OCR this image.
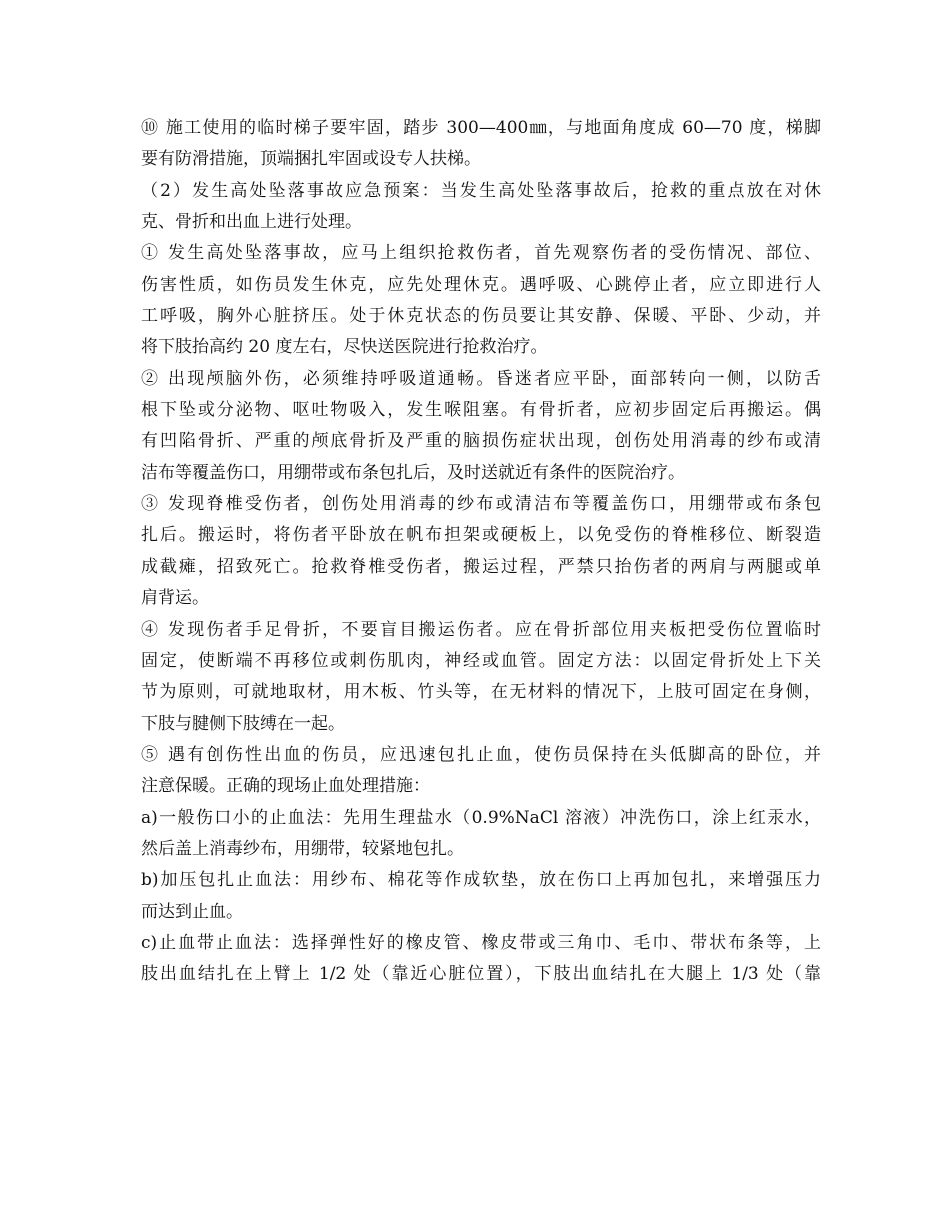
⑩ 施工使用的临时梯子要牢固，踏步 300—400㎜，与地面角度成 60—70 度，梯脚
要有防滑措施，顶端捆扎牢固或设专人扶梯。
（2）发生高处坠落事故应急预案：当发生高处坠落事故后，抢救的重点放在对休
克、骨折和出血上进行处理。
① 发生高处坠落事故，应马上组织抢救伤者，首先观察伤者的受伤情况、部位、
伤害性质，如伤员发生休克，应先处理休克。遇呼吸、心跳停止者，应立即进行人
工呼吸，胸外心脏挤压。处于休克状态的伤员要让其安静、保暖、平卧、少动，并
将下肢抬高约 20 度左右，尽快送医院进行抢救治疗。
② 出现颅脑外伤，必须维持呼吸道通畅。昏迷者应平卧，面部转向一侧，以防舌
根下坠或分泌物、呕吐物吸入，发生喉阻塞。有骨折者，应初步固定后再搬运。偶
有凹陷骨折、严重的颅底骨折及严重的脑损伤症状出现，创伤处用消毒的纱布或清
洁布等覆盖伤口，用绷带或布条包扎后，及时送就近有条件的医院治疗。
③ 发现脊椎受伤者，创伤处用消毒的纱布或清洁布等覆盖伤口，用绷带或布条包
扎后。搬运时，将伤者平卧放在帆布担架或硬板上，以免受伤的脊椎移位、断裂造
成截瘫，招致死亡。抢救脊椎受伤者，搬运过程，严禁只抬伤者的两肩与两腿或单
肩背运。
④ 发现伤者手足骨折，不要盲目搬运伤者。应在骨折部位用夹板把受伤位置临时
固定，使断端不再移位或刺伤肌肉，神经或血管。固定方法：以固定骨折处上下关
节为原则，可就地取材，用木板、竹头等，在无材料的情况下，上肢可固定在身侧，
下肢与腱侧下肢缚在一起。
⑤ 遇有创伤性出血的伤员，应迅速包扎止血，使伤员保持在头低脚高的卧位，并
注意保暖。正确的现场止血处理措施：
a)一般伤口小的止血法：先用生理盐水（0.9%NaCl 溶液）冲洗伤口，涂上红汞水，
然后盖上消毒纱布，用绷带，较紧地包扎。
b)加压包扎止血法：用纱布、棉花等作成软垫，放在伤口上再加包扎，来增强压力
而达到止血。
c)止血带止血法：选择弹性好的橡皮管、橡皮带或三角巾、毛巾、带状布条等，上
肢出血结扎在上臂上 1/2 处（靠近心脏位置），下肢出血结扎在大腿上 1/3 处（靠
